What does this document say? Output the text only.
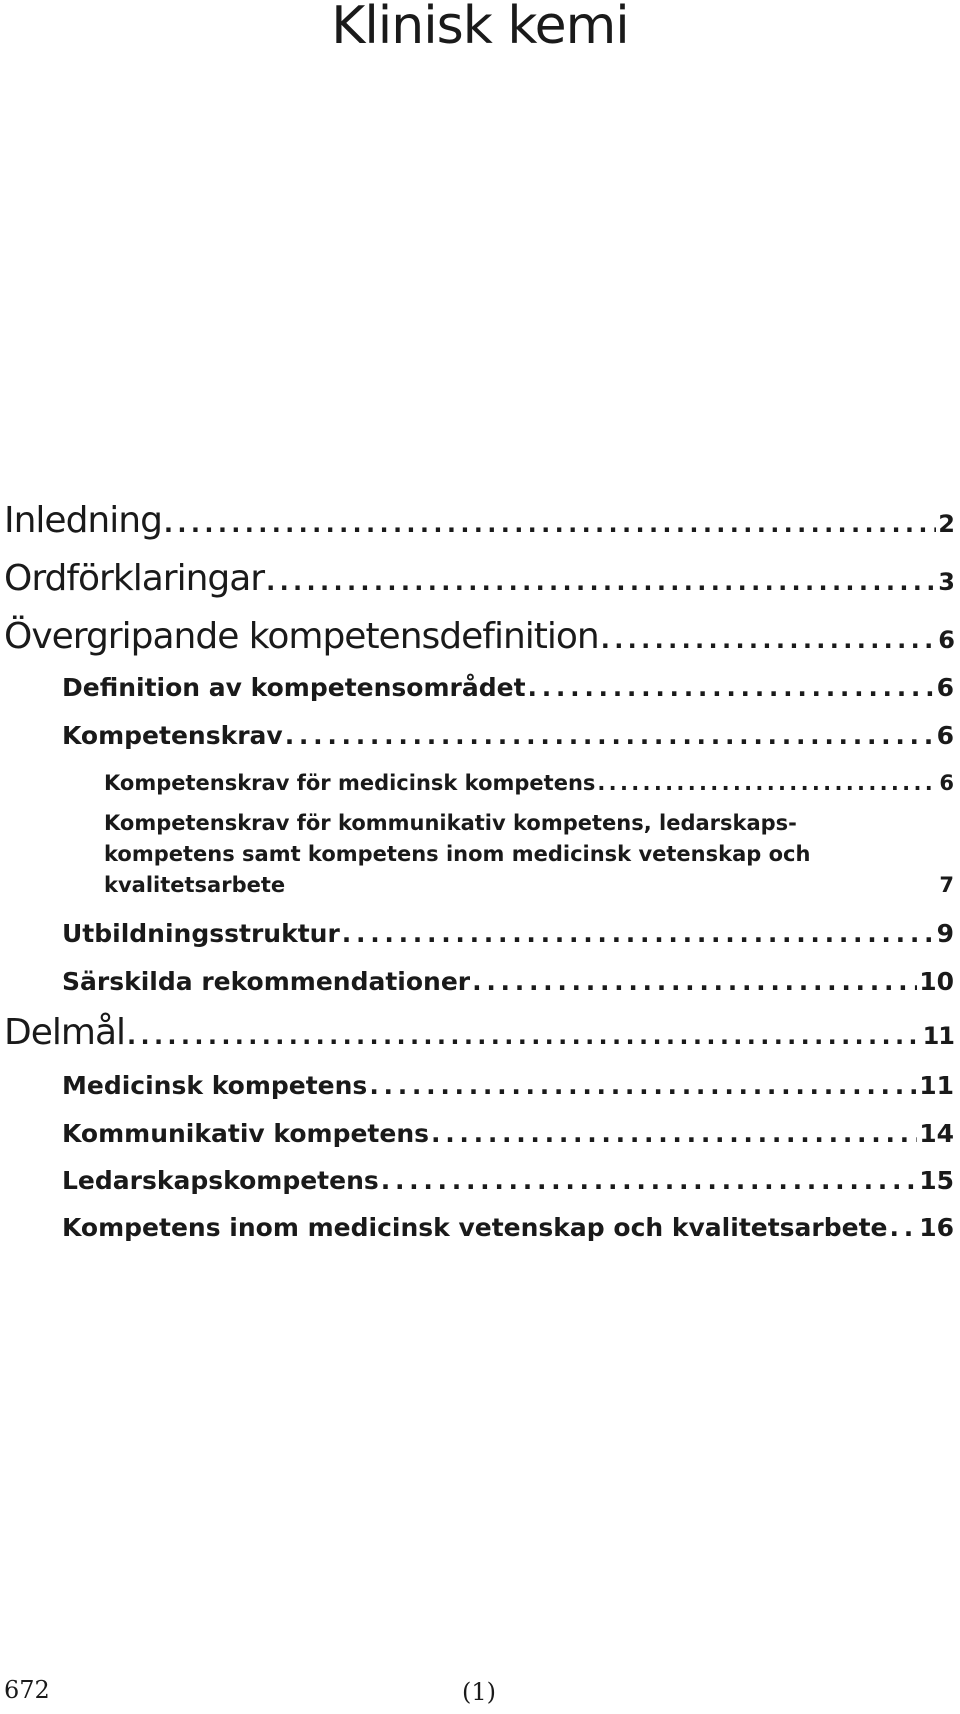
Klinisk kemi
Inledning . . .	2
Ordförklaringar . . .	3
Övergripande kompetensdefinition . . .	6
Definition av kompetensområdet . . .	6
Kompetenskrav . . .	6
Kompetenskrav för medicinsk kompetens . . .	6
Kompetenskrav för kommunikativ kompetens, ledarskaps-
kompetens samt kompetens inom medicinsk vetenskap och
kvalitetsarbete	7
Utbildningsstruktur . . .	9
Särskilda rekommendationer . . .	10
Delmål . . .	11
Medicinsk kompetens . . .	11
Kommunikativ kompetens . . .	14
Ledarskapskompetens . . .	15
Kompetens inom medicinsk vetenskap och kvalitetsarbete . . . 16
672	(1)
